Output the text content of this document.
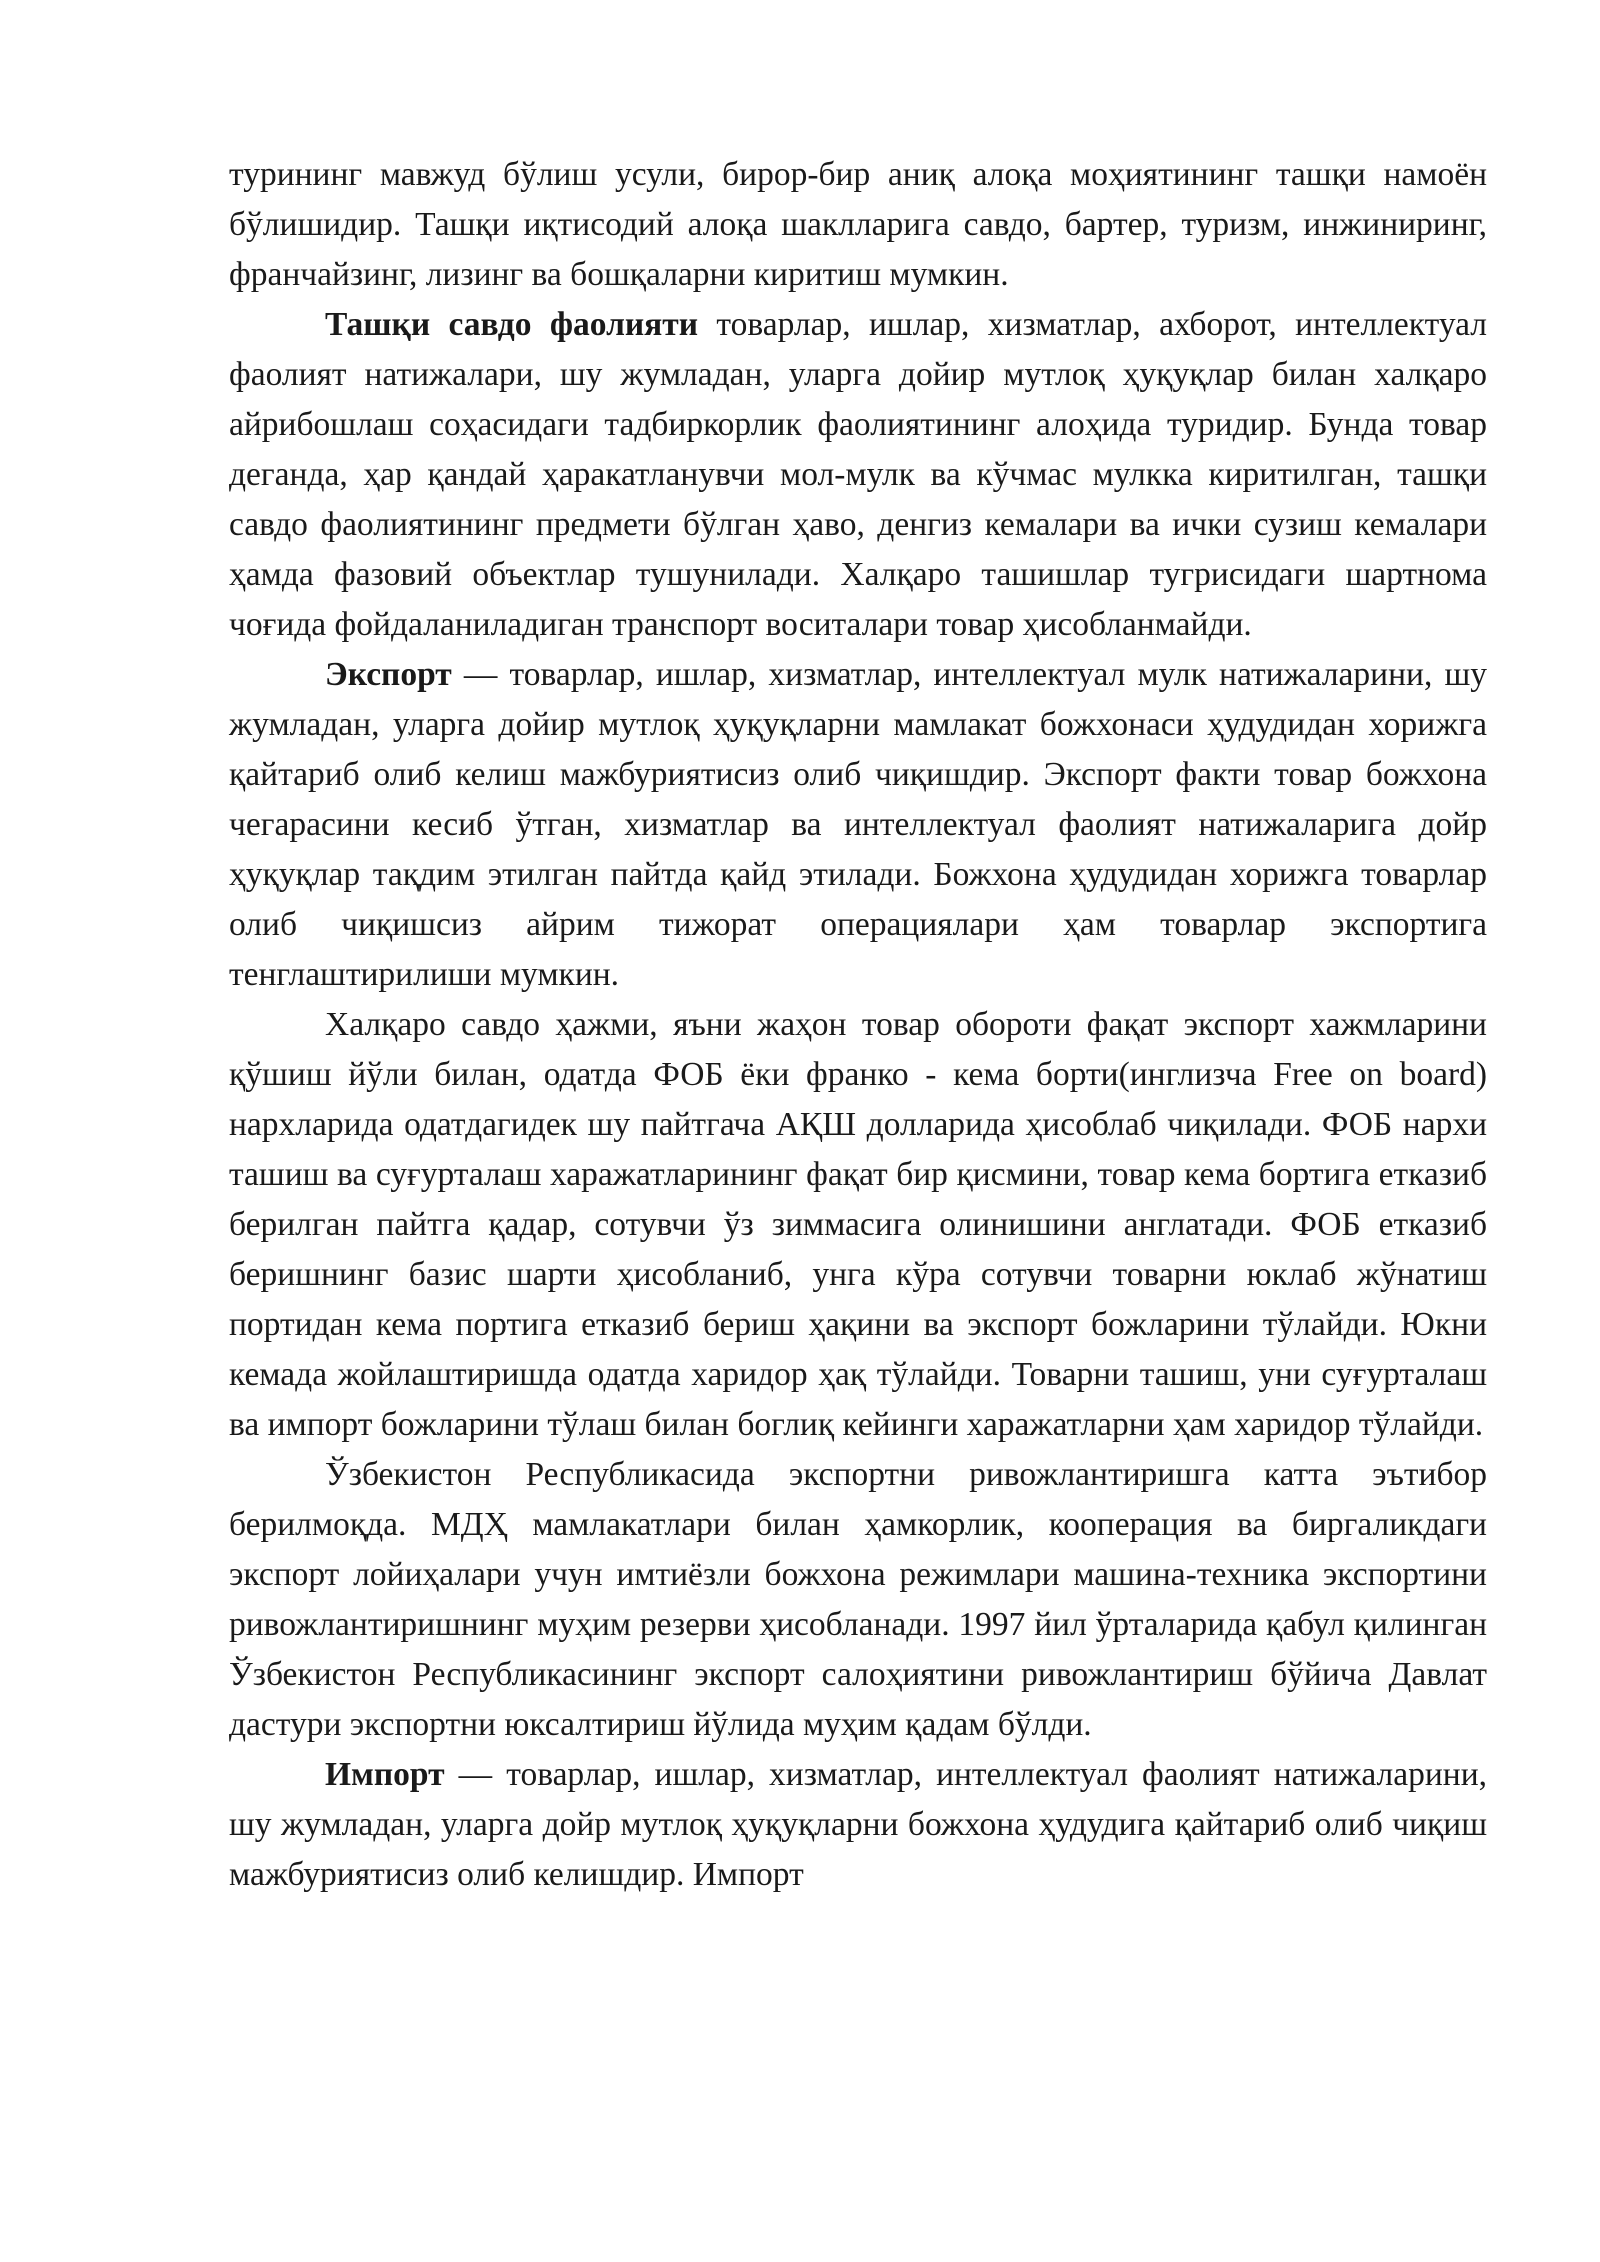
турининг мавжуд бўлиш усули, бирор-бир аниқ алоқа моҳиятининг ташқи намоён бўлишидир. Ташқи иқтисодий алоқа шаклларига савдо, бартер, туризм, инжиниринг, франчайзинг, лизинг ва бошқаларни киритиш мумкин.

Ташқи савдо фаолияти товарлар, ишлар, хизматлар, ахборот, интеллектуал фаолият натижалари, шу жумладан, уларга дойир мутлоқ ҳуқуқлар билан халқаро айрибошлаш соҳасидаги тадбиркорлик фаолиятининг алоҳида туридир. Бунда товар деганда, ҳар қандай ҳаракатланувчи мол-мулк ва кўчмас мулкка киритилган, ташқи савдо фаолиятининг предмети бўлган ҳаво, денгиз кемалари ва ички сузиш кемалари ҳамда фазовий объектлар тушунилади. Халқаро ташишлар тугрисидаги шартнома чоғида фойдаланиладиган транспорт воситалари товар ҳисобланмайди.

Экспорт — товарлар, ишлар, хизматлар, интеллектуал мулк натижаларини, шу жумладан, уларга дойир мутлоқ ҳуқуқларни мамлакат божхонаси ҳудудидан хорижга қайтариб олиб келиш мажбуриятисиз олиб чиқишдир. Экспорт факти товар божхона чегарасини кесиб ўтган, хизматлар ва интеллектуал фаолият натижаларига дойр ҳуқуқлар тақдим этилган пайтда қайд этилади. Божхона ҳудудидан хорижга товарлар олиб чиқишсиз айрим тижорат операциялари ҳам товарлар экспортига тенглаштирилиши мумкин.

Халқаро савдо ҳажми, яъни жаҳон товар обороти фақат экспорт хажмларини қўшиш йўли билан, одатда ФОБ ёки франко - кема борти(инглизча Free on board) нархларида одатдагидек шу пайтгача АҚШ долларида ҳисоблаб чиқилади. ФОБ нархи ташиш ва суғурталаш харажатларининг фақат бир қисмини, товар кема бортига етказиб берилган пайтга қадар, сотувчи ўз зиммасига олинишини англатади. ФОБ етказиб беришнинг базис шарти ҳисобланиб, унга кўра сотувчи товарни юклаб жўнатиш портидан кема портига етказиб бериш ҳақини ва экспорт божларини тўлайди. Юкни кемада жойлаштиришда одатда харидор ҳақ тўлайди. Товарни ташиш, уни суғурталаш ва импорт божларини тўлаш билан боглиқ кейинги харажатларни ҳам харидор тўлайди.

Ўзбекистон Республикасида экспортни ривожлантиришга катта эътибор берилмоқда. МДҲ мамлакатлари билан ҳамкорлик, кооперация ва биргаликдаги экспорт лойиҳалари учун имтиёзли божхона режимлари машина-техника экспортини ривожлантиришнинг муҳим резерви ҳисобланади. 1997 йил ўрталарида қабул қилинган Ўзбекистон Республикасининг экспорт салоҳиятини ривожлантириш бўйича Давлат дастури экспортни юксалтириш йўлида муҳим қадам бўлди.

Импорт — товарлар, ишлар, хизматлар, интеллектуал фаолият натижаларини, шу жумладан, уларга дойр мутлоқ ҳуқуқларни божхона ҳудудига қайтариб олиб чиқиш мажбуриятисиз олиб келишдир. Импорт
